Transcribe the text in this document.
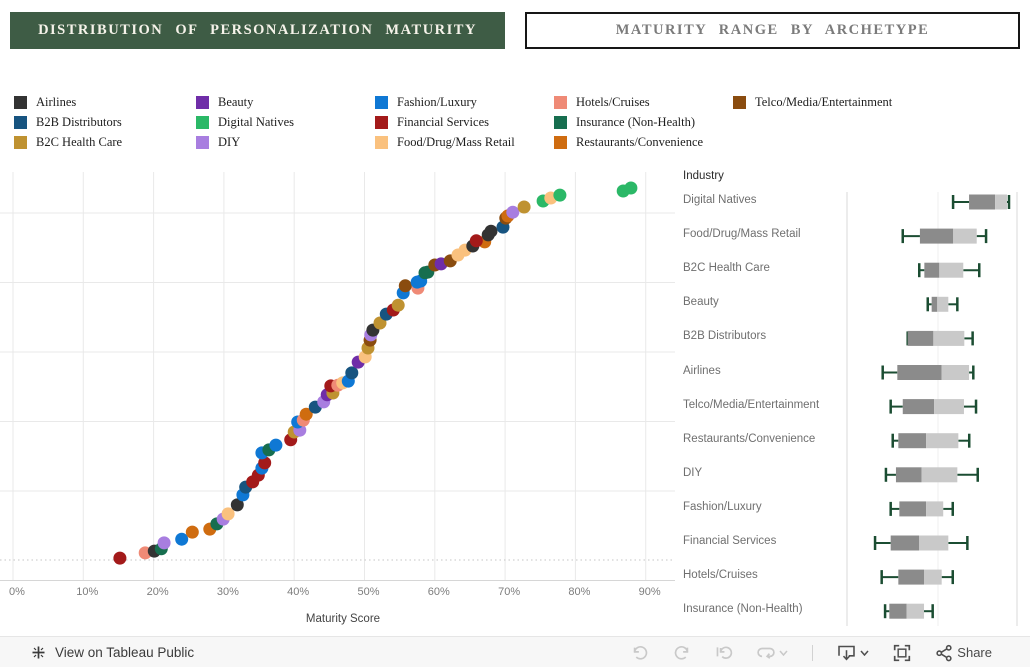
DISTRIBUTION OF PERSONALIZATION MATURITY	MATURITY RANGE BY ARCHETYPE
Airlines
B2B Distributors
B2C Health Care
Beauty
Digital Natives
DIY
Fashion/Luxury
Financial Services
Food/Drug/Mass Retail
Hotels/Cruises
Insurance (Non-Health)
Restaurants/Convenience
Telco/Media/Entertainment
0%	10%	20%	30%	40%	50%	60%	70%	80%	90%
Maturity Score
Industry
Digital Natives
Food/Drug/Mass Retail
B2C Health Care
Beauty
B2B Distributors
Airlines
Telco/Media/Entertainment
Restaurants/Convenience
DIY
Fashion/Luxury
Financial Services
Hotels/Cruises
Insurance (Non-Health)
View on Tableau Public	Share
